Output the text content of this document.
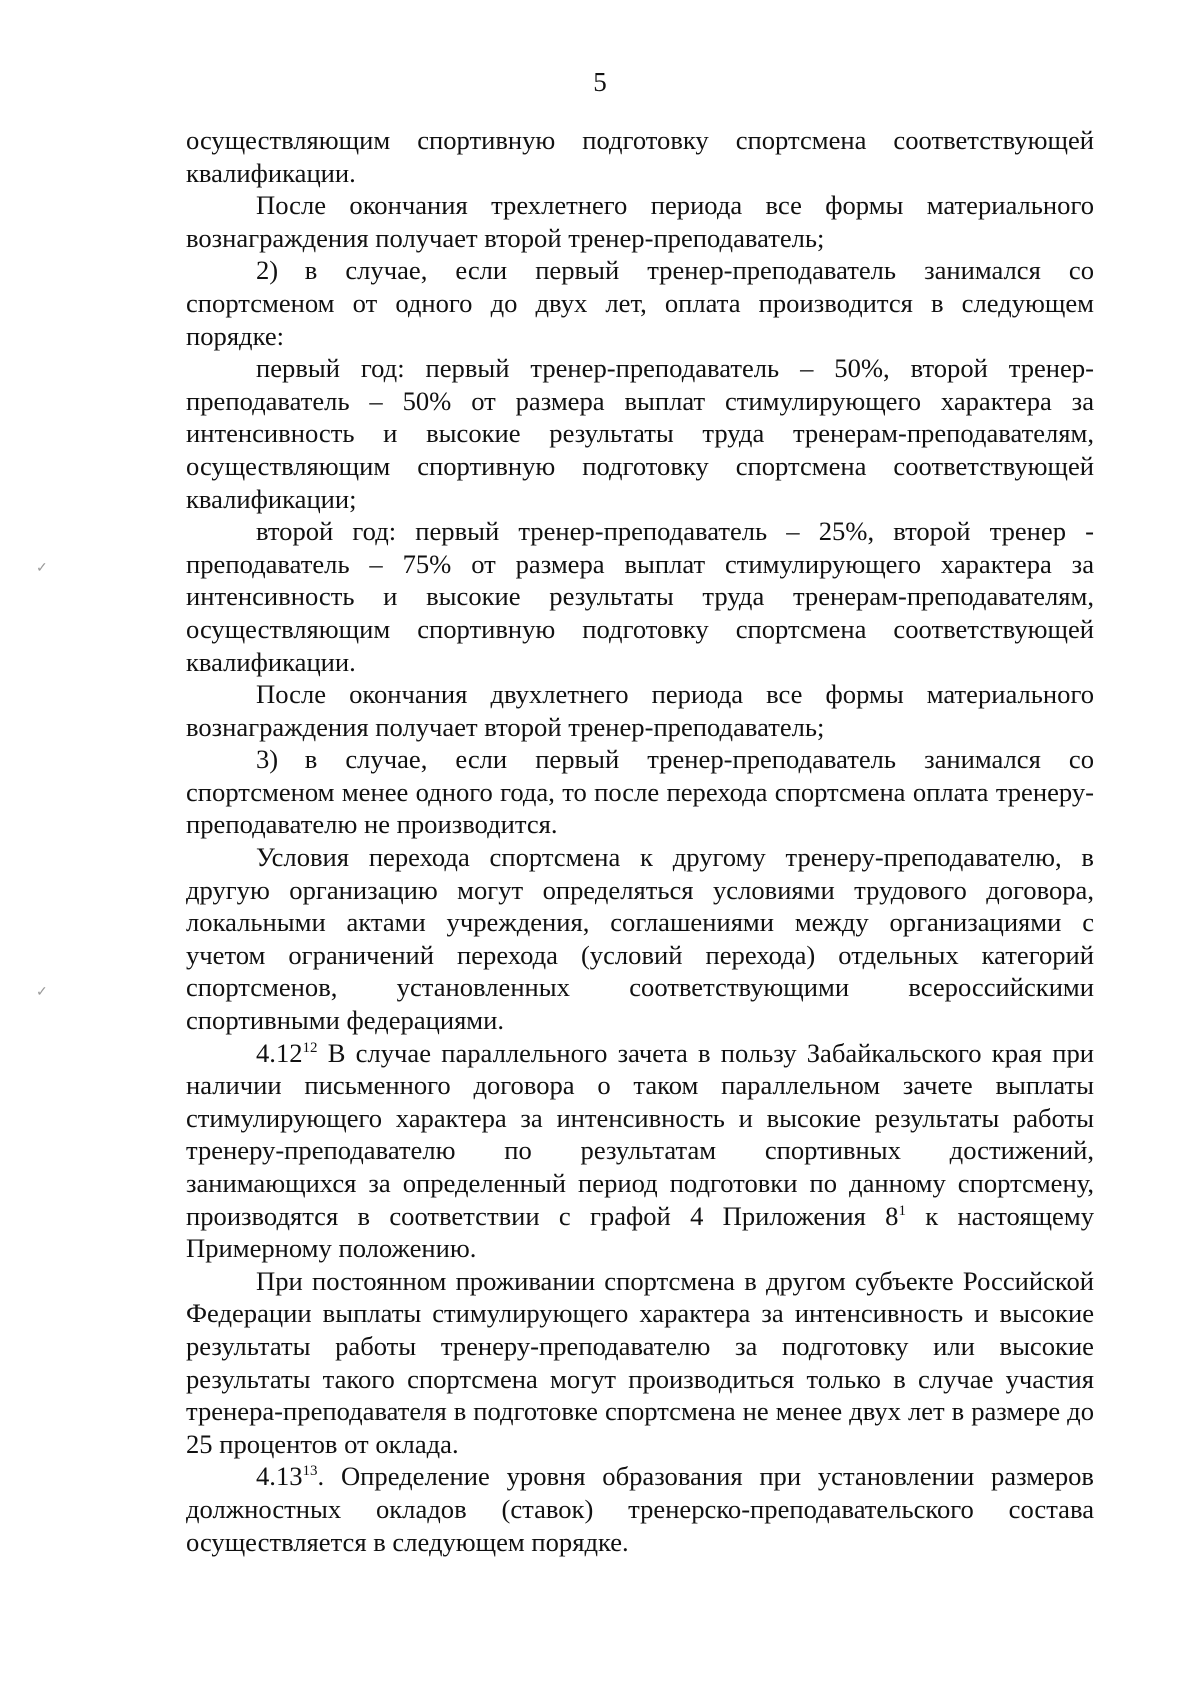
5
✓
✓

осуществляющим спортивную подготовку спортсмена соответствующей квалификации.

После окончания трехлетнего периода все формы материального вознаграждения получает второй тренер-преподаватель;

2) в случае, если первый тренер-преподаватель занимался со спортсменом от одного до двух лет, оплата производится в следующем порядке:

первый год: первый тренер-преподаватель – 50%, второй тренер-преподаватель – 50% от размера выплат стимулирующего характера за интенсивность и высокие результаты труда тренерам-преподавателям, осуществляющим спортивную подготовку спортсмена соответствующей квалификации;

второй год: первый тренер-преподаватель – 25%, второй тренер - преподаватель – 75% от размера выплат стимулирующего характера за интенсивность и высокие результаты труда тренерам-преподавателям, осуществляющим спортивную подготовку спортсмена соответствующей квалификации.

После окончания двухлетнего периода все формы материального вознаграждения получает второй тренер-преподаватель;

3) в случае, если первый тренер-преподаватель занимался со спортсменом менее одного года, то после перехода спортсмена оплата тренеру-преподавателю не производится.

Условия перехода спортсмена к другому тренеру-преподавателю, в другую организацию могут определяться условиями трудового договора, локальными актами учреждения, соглашениями между организациями с учетом ограничений перехода (условий перехода) отдельных категорий спортсменов, установленных соответствующими всероссийскими спортивными федерациями.

4.12$^{12}$ В случае параллельного зачета в пользу Забайкальского края при наличии письменного договора о таком параллельном зачете выплаты стимулирующего характера за интенсивность и высокие результаты работы тренеру-преподавателю по результатам спортивных достижений, занимающихся за определенный период подготовки по данному спортсмену, производятся в соответствии с графой 4 Приложения $8^1$ к настоящему Примерному положению.

При постоянном проживании спортсмена в другом субъекте Российской Федерации выплаты стимулирующего характера за интенсивность и высокие результаты работы тренеру-преподавателю за подготовку или высокие результаты такого спортсмена могут производиться только в случае участия тренера-преподавателя в подготовке спортсмена не менее двух лет в размере до 25 процентов от оклада.

4.13$^{13}$. Определение уровня образования при установлении размеров должностных окладов (ставок) тренерско-преподавательского состава осуществляется в следующем порядке.
